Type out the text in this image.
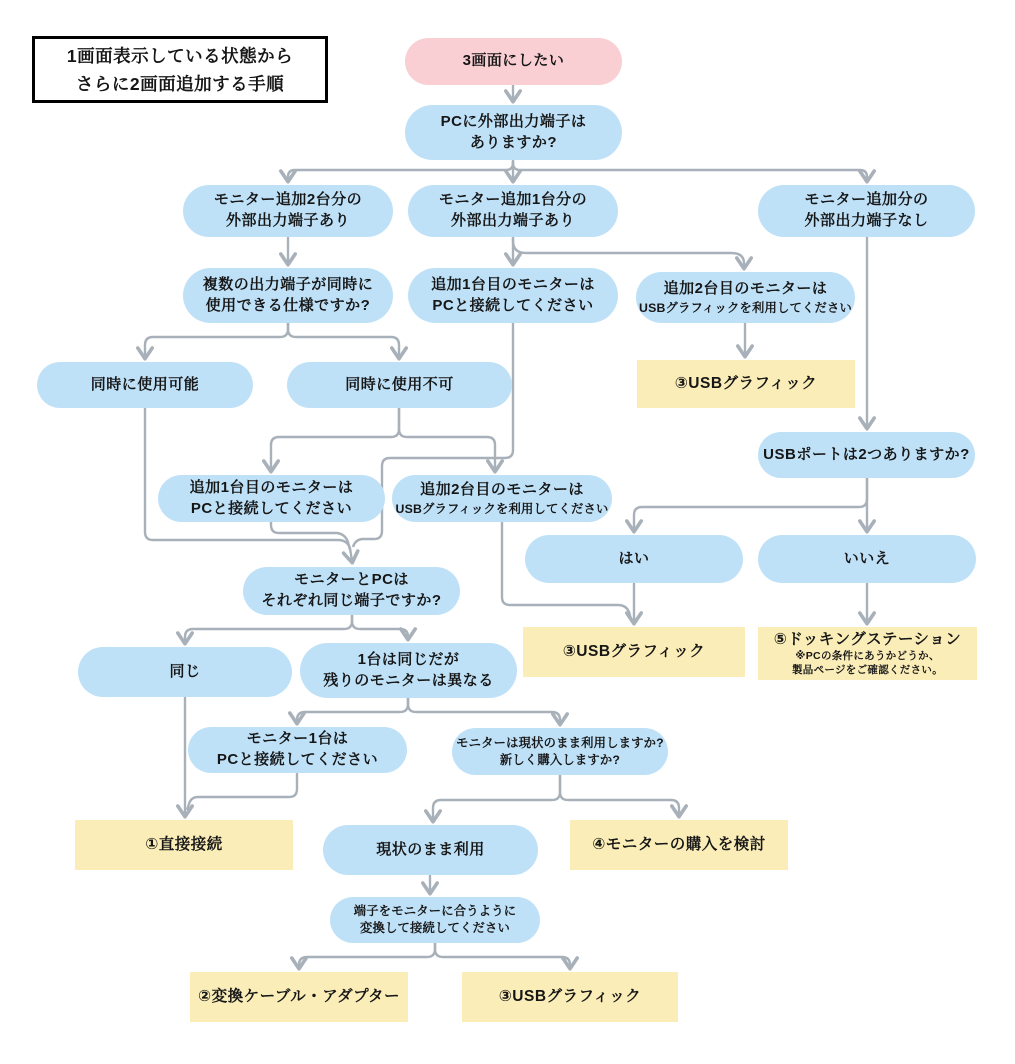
1画面表示している状態から
さらに2画面追加する手順
3画面にしたい
PCに外部出力端子は
ありますか?
モニター追加2台分の
外部出力端子あり
モニター追加1台分の
外部出力端子あり
モニター追加分の
外部出力端子なし
複数の出力端子が同時に
使用できる仕様ですか?
追加1台目のモニターは
PCと接続してください
追加2台目のモニターは
USBグラフィックを利用してください
③USBグラフィック
同時に使用可能	同時に使用不可
USBポートは2つありますか?
追加1台目のモニターは
PCと接続してください
追加2台目のモニターは
USBグラフィックを利用してください
はい	いいえ
モニターとPCは
それぞれ同じ端子ですか?
③USBグラフィック
⑤ドッキングステーション
※PCの条件にあうかどうか、
製品ページをご確認ください。
同じ
1台は同じだが
残りのモニターは異なる
モニター1台は
PCと接続してください
モニターは現状のまま利用しますか?
新しく購入しますか?
①直接接続	現状のまま利用	④モニターの購入を検討
端子をモニターに合うように
変換して接続してください
②変換ケーブル・アダプター	③USBグラフィック
